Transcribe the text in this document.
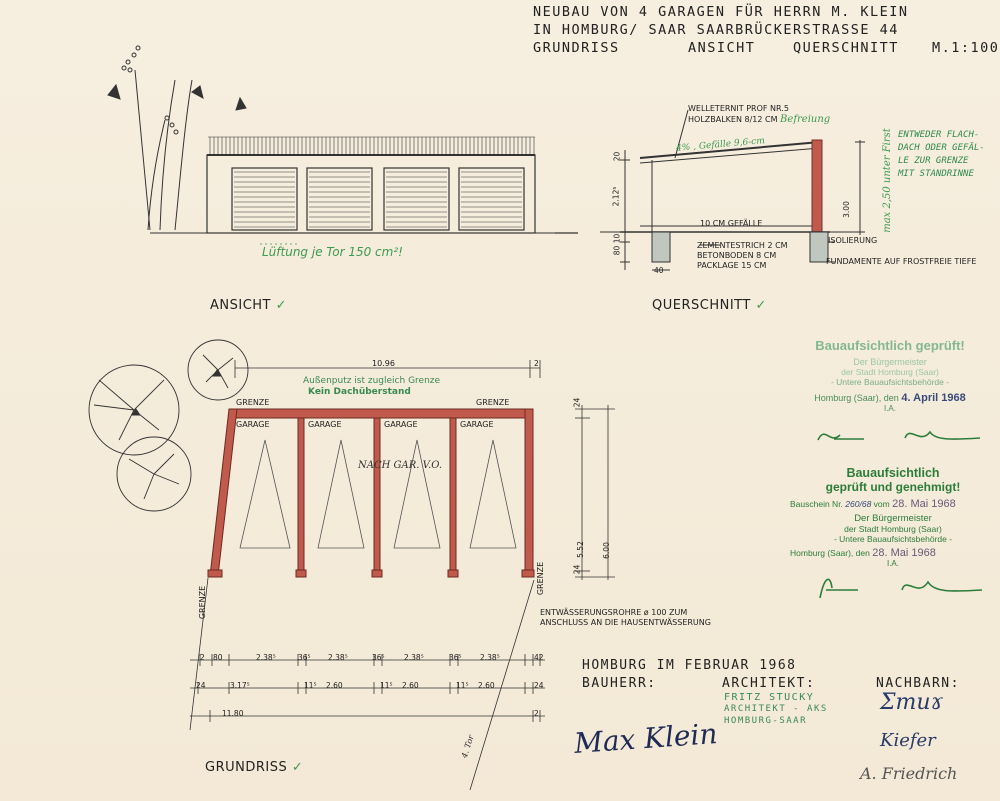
NEUBAU VON 4 GARAGEN FÜR HERRN M. KLEIN
IN HOMBURG/ SAAR SAARBRÜCKERSTRASSE 44
GRUNDRISS	ANSICHT	QUERSCHNITT M.1:100
Lüftung je Tor 150 cm²!
ANSICHT ✓	QUERSCHNITT ✓
GRUNDRISS ✓
WELLETERNIT PROF NR.5
HOLZBALKEN 8/12 CM Befreiung
4% , Gefälle 9,6-cm
10 CM GEFÄLLE
ZEMENTESTRICH 2 CM
BETONBODEN 8 CM
PACKLAGE 15 CM
ISOLIERUNG
FUNDAMENTE AUF FROSTFREIE TIEFE
20
2.12⁵
10
80
40
3.00	max 2,50 unter First ENTWEDER FLACH-
DACH ODER GEFÄL-
LE ZUR GRENZE
MIT STANDRINNE
10.96	2
Außenputz ist zugleich Grenze
Kein Dachüberstand
GRENZE	GRENZE
GARAGE	GARAGE	GARAGE	GARAGE
NACH GAR. V.O.
24
5.52
24
6.00
GRENZE
GRENZE
ENTWÄSSERUNGSROHRE ø 100 ZUM
ANSCHLUSS AN DIE HAUSENTWÄSSERUNG
2 80	2.38⁵	36⁵ 2.38⁵	36⁵	2.38⁵	36⁵ 2.38⁵	42
24	3.17⁵	11⁵ 2.60	11⁵ 2.60	11⁵ 2.60	24
11.80	2
4. Tor
HOMBURG IM FEBRUAR 1968
BAUHERR:	ARCHITEKT:	NACHBARN:
FRITZ STUCKY
ARCHITEKT - AKS
HOMBURG-SAAR
Max Klein
Ʃmuɤ
Kiefer
A. Friedrich
Bauaufsichtlich geprüft!
Der Bürgermeister
der Stadt Homburg (Saar)
- Untere Bauaufsichtsbehörde -
Homburg (Saar), den 4. April 1968
I.A.
Bauaufsichtlich
geprüft und genehmigt!
Bauschein Nr. 260/68 vom 28. Mai 1968
Der Bürgermeister
der Stadt Homburg (Saar)
- Untere Bauaufsichtsbehörde -
Homburg (Saar), den 28. Mai 1968
I.A.
